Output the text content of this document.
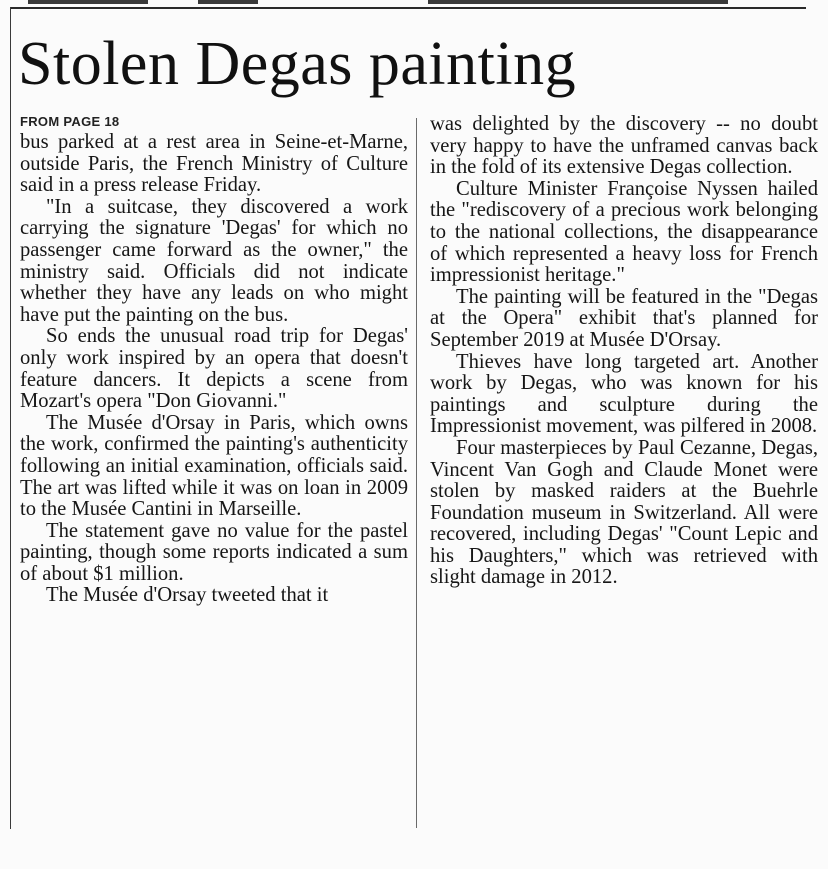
Stolen Degas painting
FROM PAGE 18

bus parked at a rest area in Seine-et-Marne, outside Paris, the French Ministry of Culture said in a press release Friday.

"In a suitcase, they discovered a work carrying the signature 'Degas' for which no passenger came forward as the owner," the ministry said. Officials did not indicate whether they have any leads on who might have put the painting on the bus.

So ends the unusual road trip for Degas' only work inspired by an opera that doesn't feature dancers. It depicts a scene from Mozart's opera "Don Giovanni."

The Musée d'Orsay in Paris, which owns the work, confirmed the painting's authenticity following an initial examination, officials said. The art was lifted while it was on loan in 2009 to the Musée Cantini in Marseille.

The statement gave no value for the pastel painting, though some reports indicated a sum of about $1 million.

The Musée d'Orsay tweeted that it

was delighted by the discovery -- no doubt very happy to have the unframed canvas back in the fold of its extensive Degas collection.

Culture Minister Françoise Nyssen hailed the "rediscovery of a precious work belonging to the national collections, the disappearance of which represented a heavy loss for French impressionist heritage."

The painting will be featured in the "Degas at the Opera" exhibit that's planned for September 2019 at Musée D'Orsay.

Thieves have long targeted art. Another work by Degas, who was known for his paintings and sculpture during the Impressionist movement, was pilfered in 2008.

Four masterpieces by Paul Cezanne, Degas, Vincent Van Gogh and Claude Monet were stolen by masked raiders at the Buehrle Foundation museum in Switzerland. All were recovered, including Degas' "Count Lepic and his Daughters," which was retrieved with slight damage in 2012.
